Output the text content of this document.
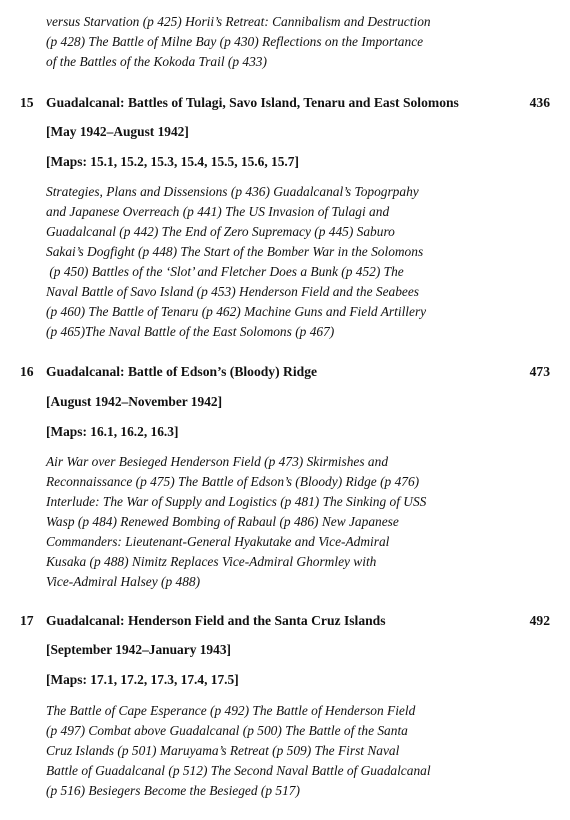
versus Starvation (p 425) Horii’s Retreat: Cannibalism and Destruction
(p 428) The Battle of Milne Bay (p 430) Reflections on the Importance
of the Battles of the Kokoda Trail (p 433)
15 Guadalcanal: Battles of Tulagi, Savo Island, Tenaru and East Solomons	436
[May 1942–August 1942]
[Maps: 15.1, 15.2, 15.3, 15.4, 15.5, 15.6, 15.7]
Strategies, Plans and Dissensions (p 436) Guadalcanal’s Topogrpahy
and Japanese Overreach (p 441) The US Invasion of Tulagi and
Guadalcanal (p 442) The End of Zero Supremacy (p 445) Saburo
Sakai’s Dogfight (p 448) The Start of the Bomber War in the Solomons
(p 450) Battles of the ‘Slot’ and Fletcher Does a Bunk (p 452) The
Naval Battle of Savo Island (p 453) Henderson Field and the Seabees
(p 460) The Battle of Tenaru (p 462) Machine Guns and Field Artillery
(p 465)The Naval Battle of the East Solomons (p 467)
16 Guadalcanal: Battle of Edson’s (Bloody) Ridge	473
[August 1942–November 1942]
[Maps: 16.1, 16.2, 16.3]
Air War over Besieged Henderson Field (p 473) Skirmishes and
Reconnaissance (p 475) The Battle of Edson’s (Bloody) Ridge (p 476)
Interlude: The War of Supply and Logistics (p 481) The Sinking of USS
Wasp (p 484) Renewed Bombing of Rabaul (p 486) New Japanese
Commanders: Lieutenant-General Hyakutake and Vice-Admiral
Kusaka (p 488) Nimitz Replaces Vice-Admiral Ghormley with
Vice-Admiral Halsey (p 488)
17 Guadalcanal: Henderson Field and the Santa Cruz Islands	492
[September 1942–January 1943]
[Maps: 17.1, 17.2, 17.3, 17.4, 17.5]
The Battle of Cape Esperance (p 492) The Battle of Henderson Field
(p 497) Combat above Guadalcanal (p 500) The Battle of the Santa
Cruz Islands (p 501) Maruyama’s Retreat (p 509) The First Naval
Battle of Guadalcanal (p 512) The Second Naval Battle of Guadalcanal
(p 516) Besiegers Become the Besieged (p 517)
